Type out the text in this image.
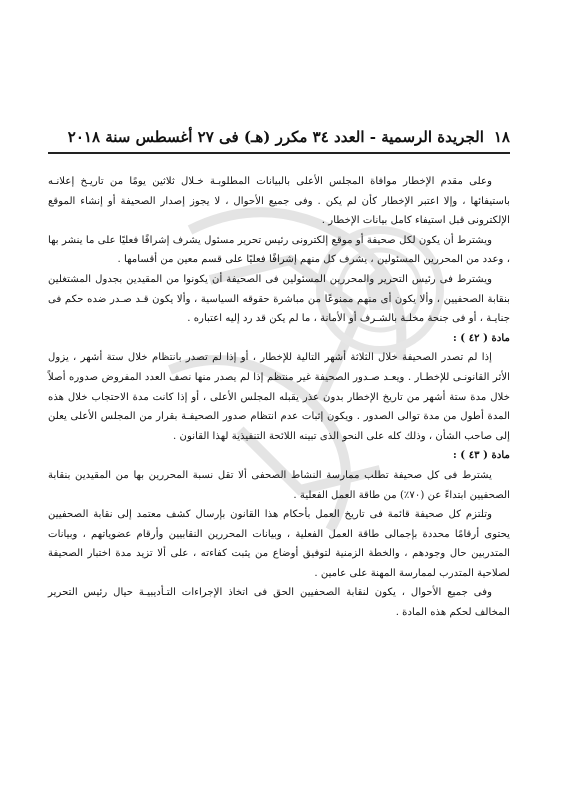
١٨الجريدة الرسمية - العدد ٣٤ مكرر (هـ) فى ٢٧ أغسطس سنة ٢٠١٨

وعلى مقدم الإخطار موافاة المجلس الأعلى بالبيانات المطلوبـة خـلال ثلاثين يومًا من تاريـخ إعلانـه باستيفائها ، وإلا اعتبر الإخطار كأن لم يكن . وفى جميع الأحوال ، لا يجوز إصدار الصحيفة أو إنشاء الموقع الإلكترونى قبل استيفاء كامل بيانات الإخطار .

ويشترط أن يكون لكل صحيفة أو موقع إلكترونى رئيس تحرير مسئول يشرف إشرافًا فعليًا على ما ينشر بها ، وعدد من المحررين المسئولين ، يشرف كل منهم إشرافًا فعليًا على قسم معين من أقسامها .

ويشترط فى رئيس التحرير والمحررين المسئولين فى الصحيفة أن يكونوا من المقيدين بجدول المشتغلين بنقابة الصحفيين ، وألا يكون أى منهم ممنوعًا من مباشرة حقوقه السياسية ، وألا يكون قـد صـدر ضده حكم فى جنايـة ، أو فى جنحة مخلـة بالشـرف أو الأمانة ، ما لم يكن قد رد إليه اعتباره .

مادة ( ٤٢ ) :

إذا لم تصدر الصحيفة خلال الثلاثة أشهر التالية للإخطار ، أو إذا لم تصدر بانتظام خلال ستة أشهر ، يزول الأثر القانونـى للإخطـار . ويعـد صـدور الصحيفة غير منتظم إذا لم يصدر منها نصف العدد المفروض صدوره أصلاً خلال مدة ستة أشهر من تاريخ الإخطار بدون عذر يقبله المجلس الأعلى ، أو إذا كانت مدة الاحتجاب خلال هذه المدة أطول من مدة توالى الصدور . ويكون إثبات عدم انتظام صدور الصحيفـة بقرار من المجلس الأعلى يعلن إلى صاحب الشأن ، وذلك كله على النحو الذى تبينه اللائحة التنفيذية لهذا القانون .

مادة ( ٤٣ ) :

يشترط فى كل صحيفة تطلب ممارسة النشاط الصحفى ألا تقل نسبة المحررين بها من المقيدين بنقابة الصحفيين ابتداءً عن (٧٠٪) من طاقة العمل الفعلية .

وتلتزم كل صحيفة قائمة فى تاريخ العمل بأحكام هذا القانون بإرسال كشف معتمد إلى نقابة الصحفيين يحتوى أرقامًا محددة بإجمالى طاقة العمل الفعلية ، وبيانات المحررين النقابيين وأرقام عضوياتهم ، وبيانات المتدربين حال وجودهم ، والخطة الزمنية لتوفيق أوضاع من يثبت كفاءته ، على ألا تزيد مدة اختبار الصحيفة لصلاحية المتدرب لممارسة المهنة على عامين .

وفى جميع الأحوال ، يكون لنقابة الصحفيين الحق فى اتخاذ الإجراءات التـأديبيـة حيال رئيس التحرير المخالف لحكم هذه المادة .
